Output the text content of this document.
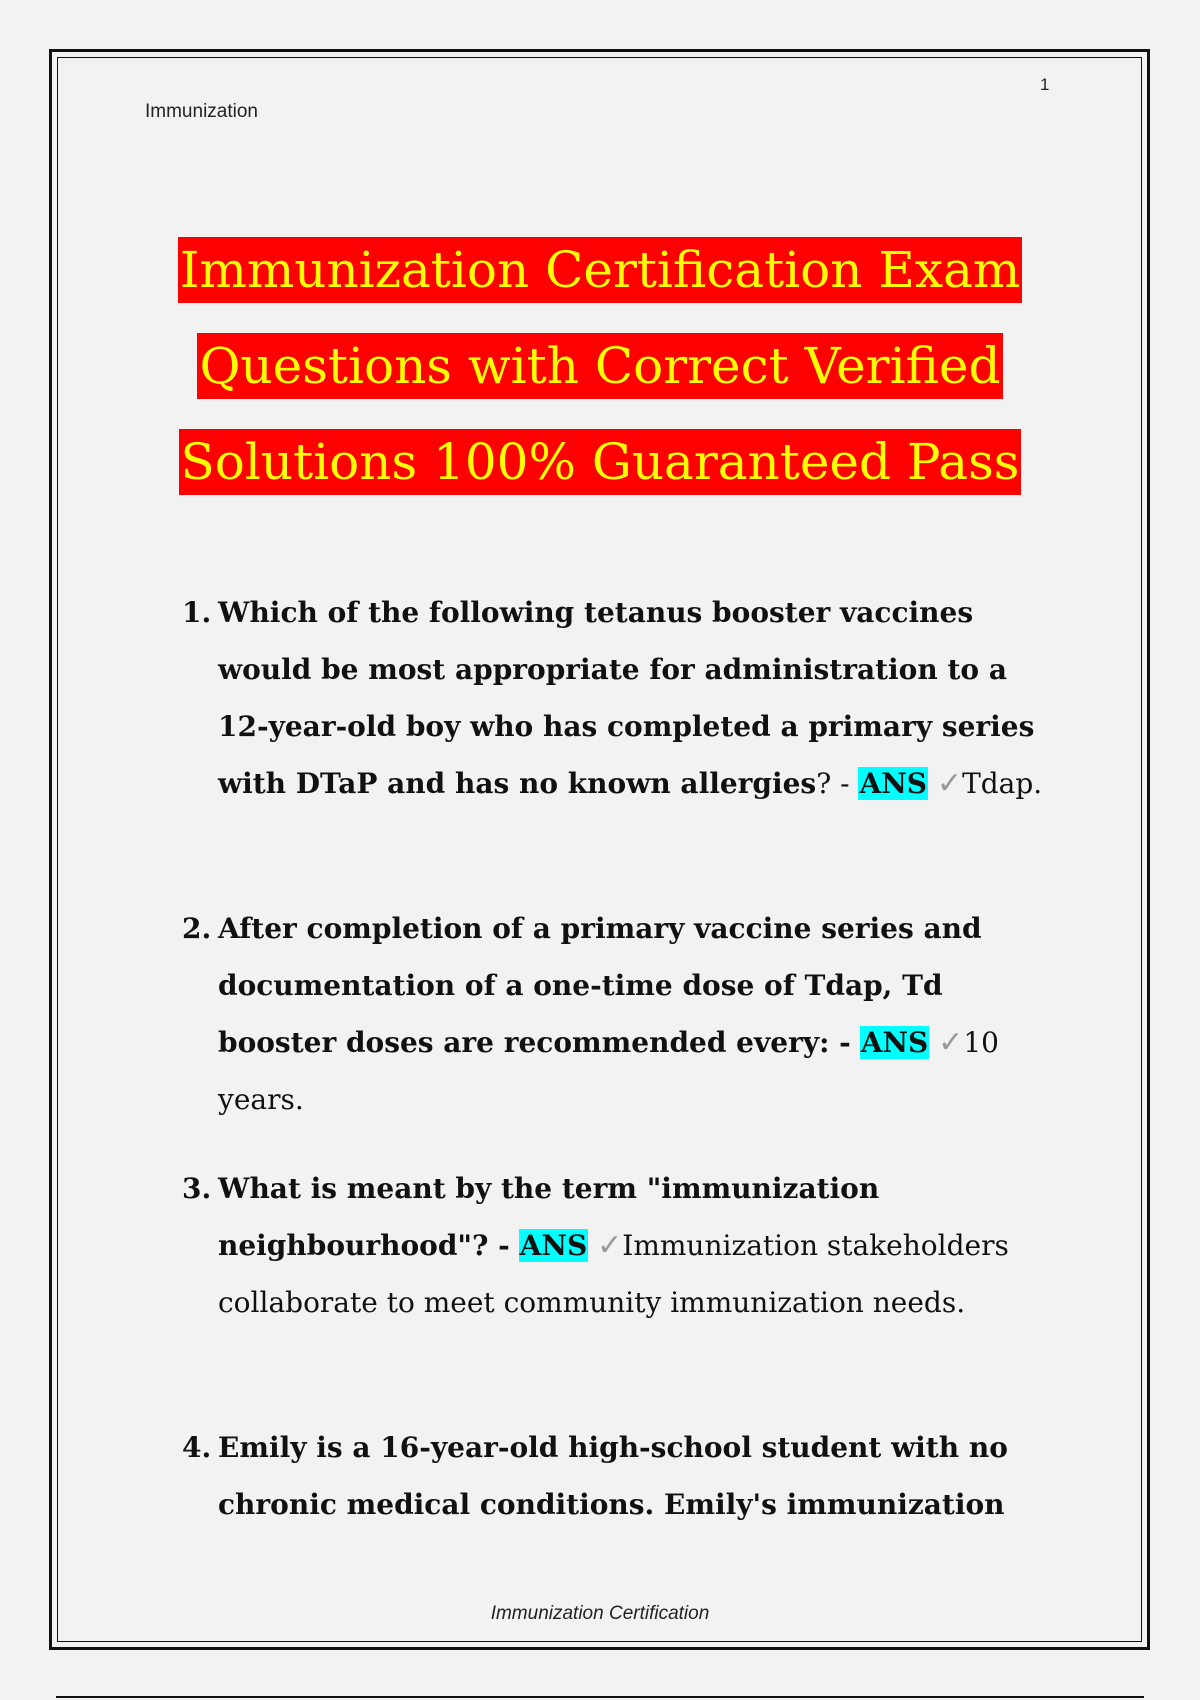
1
Immunization
Immunization Certification Exam
Questions with Correct Verified
Solutions 100% Guaranteed Pass
1. Which of the following tetanus booster vaccines would be most appropriate for administration to a 12-year-old boy who has completed a primary series with DTaP and has no known allergies? - ANS ✓Tdap.
2. After completion of a primary vaccine series and documentation of a one-time dose of Tdap, Td booster doses are recommended every: - ANS ✓10 years.
3. What is meant by the term "immunization neighbourhood"? - ANS ✓Immunization stakeholders collaborate to meet community immunization needs.
4. Emily is a 16-year-old high-school student with no chronic medical conditions. Emily's immunization
Immunization Certification
